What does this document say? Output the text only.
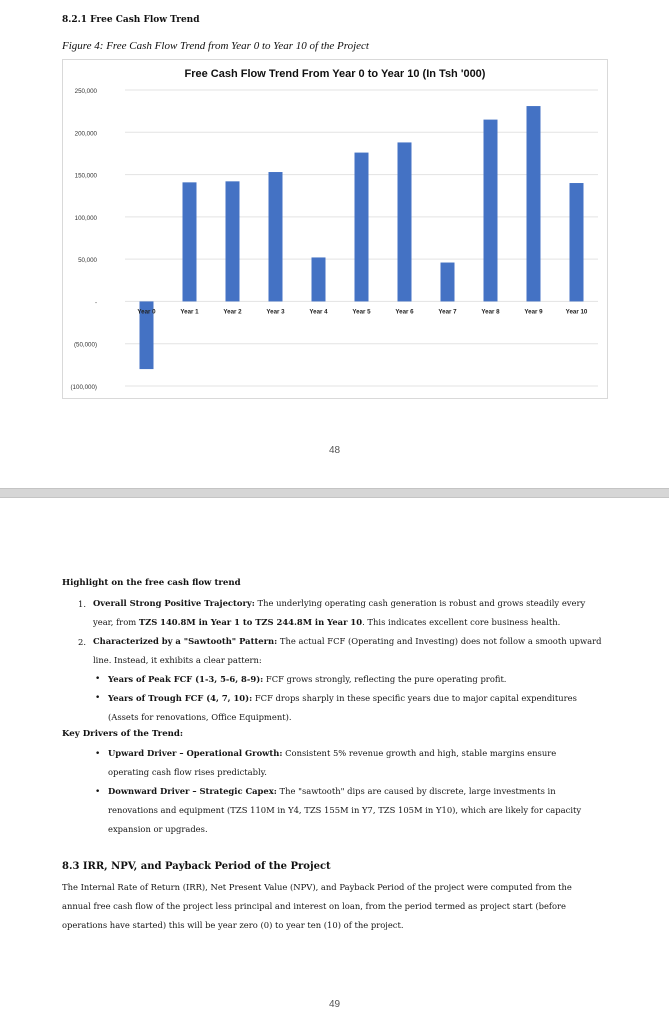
8.2.1 Free Cash Flow Trend
Figure 4: Free Cash Flow Trend from Year 0 to Year 10 of the Project
Free Cash Flow Trend From Year 0 to Year 10 (In Tsh '000)
250,000
200,000
150,000
100,000
50,000
-
(50,000)
(100,000)
Year 0	Year 1	Year 2	Year 3	Year 4	Year 5	Year 6	Year 7	Year 8	Year 9	Year 10
48
Highlight on the free cash flow trend
1. Overall Strong Positive Trajectory: The underlying operating cash generation is robust and grows steadily every
year, from TZS 140.8M in Year 1 to TZS 244.8M in Year 10. This indicates excellent core business health.
2. Characterized by a "Sawtooth" Pattern: The actual FCF (Operating and Investing) does not follow a smooth upward
line. Instead, it exhibits a clear pattern:
• Years of Peak FCF (1-3, 5-6, 8-9): FCF grows strongly, reflecting the pure operating profit.
• Years of Trough FCF (4, 7, 10): FCF drops sharply in these specific years due to major capital expenditures
(Assets for renovations, Office Equipment).
Key Drivers of the Trend:
• Upward Driver – Operational Growth: Consistent 5% revenue growth and high, stable margins ensure
operating cash flow rises predictably.
• Downward Driver – Strategic Capex: The "sawtooth" dips are caused by discrete, large investments in
renovations and equipment (TZS 110M in Y4, TZS 155M in Y7, TZS 105M in Y10), which are likely for capacity
expansion or upgrades.
8.3 IRR, NPV, and Payback Period of the Project
The Internal Rate of Return (IRR), Net Present Value (NPV), and Payback Period of the project were computed from the
annual free cash flow of the project less principal and interest on loan, from the period termed as project start (before
operations have started) this will be year zero (0) to year ten (10) of the project.
49
